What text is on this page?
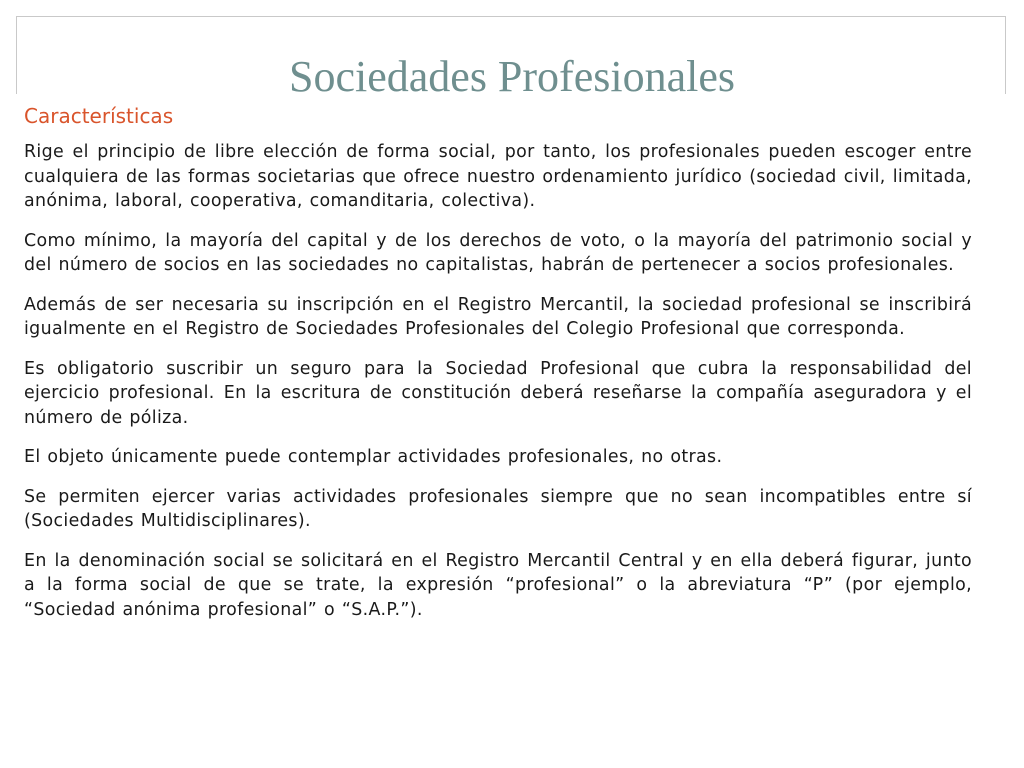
Sociedades Profesionales
Características

Rige el principio de libre elección de forma social, por tanto, los profesionales pueden escoger entre cualquiera de las formas societarias que ofrece nuestro ordenamiento jurídico (sociedad civil, limitada, anónima, laboral, cooperativa, comanditaria, colectiva).

Como mínimo, la mayoría del capital y de los derechos de voto, o la mayoría del patrimonio social y del número de socios en las sociedades no capitalistas, habrán de pertenecer a socios profesionales.

Además de ser necesaria su inscripción en el Registro Mercantil, la sociedad profesional se inscribirá igualmente en el Registro de Sociedades Profesionales del Colegio Profesional que corresponda.

Es obligatorio suscribir un seguro para la Sociedad Profesional que cubra la responsabilidad del ejercicio profesional. En la escritura de constitución deberá reseñarse la compañía aseguradora y el número de póliza.

El objeto únicamente puede contemplar actividades profesionales, no otras.

Se permiten ejercer varias actividades profesionales siempre que no sean incompatibles entre sí (Sociedades Multidisciplinares).

En la denominación social se solicitará en el Registro Mercantil Central y en ella deberá figurar, junto a la forma social de que se trate, la expresión “profesional” o la abreviatura “P” (por ejemplo, “Sociedad anónima profesional” o “S.A.P.”).
